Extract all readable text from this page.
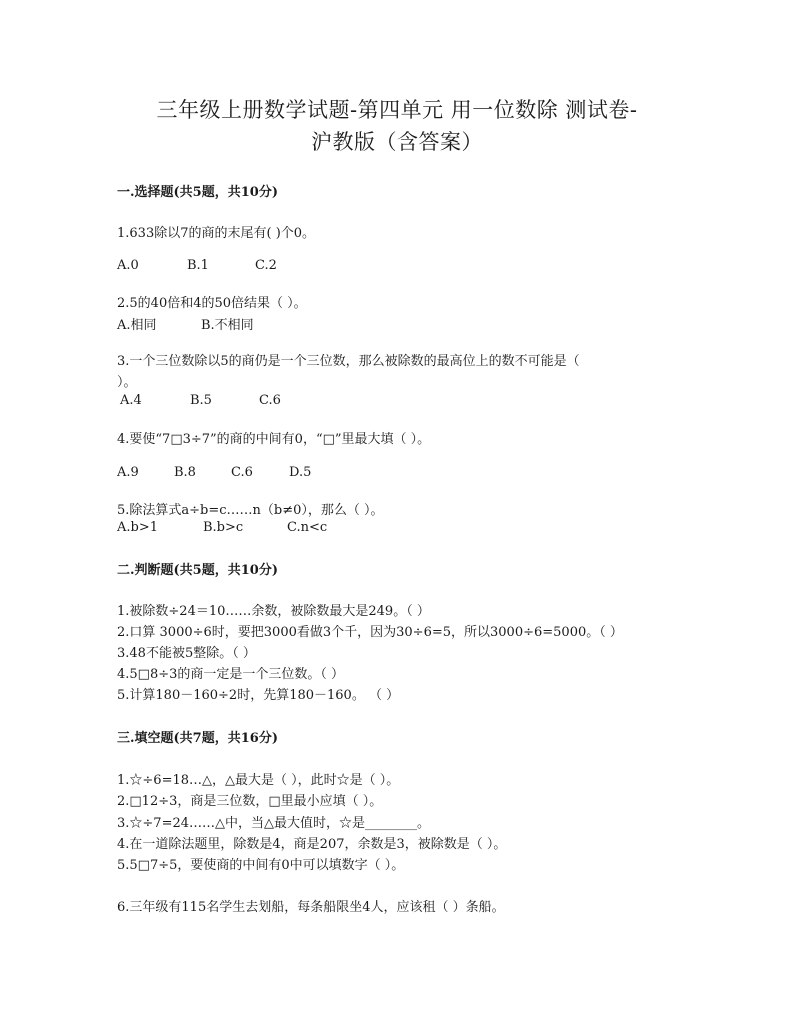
三年级上册数学试题-第四单元 用一位数除 测试卷-
沪教版（含答案）
一.选择题(共5题，共10分)
1.633除以7的商的末尾有( )个0。
A.0	B.1	C.2
2.5的40倍和4的50倍结果（ ）。
A.相同	B.不相同
3.一个三位数除以5的商仍是一个三位数，那么被除数的最高位上的数不可能是（
）。
A.4	B.5	C.6
4.要使“7□3÷7”的商的中间有0，“□”里最大填（ ）。
A.9	B.8	C.6	D.5
5.除法算式a÷b=c……n（b≠0），那么（ ）。
A.b>1	B.b>c	C.n<c
二.判断题(共5题，共10分)
1.被除数÷24＝10……余数，被除数最大是249。（ ）
2.口算 3000÷6时，要把3000看做3个千，因为30÷6=5，所以3000÷6=5000。（ ）
3.48不能被5整除。（ ）
4.5□8÷3的商一定是一个三位数。（ ）
5.计算180－160÷2时，先算180－160。 （ ）
三.填空题(共7题，共16分)
1.☆÷6=18…△，△最大是（ ），此时☆是（ ）。
2.□12÷3，商是三位数，□里最小应填（ ）。
3.☆÷7=24……△中，当△最大值时，☆是________。
4.在一道除法题里，除数是4，商是207，余数是3，被除数是（ ）。
5.5□7÷5，要使商的中间有0中可以填数字（ ）。
6.三年级有115名学生去划船，每条船限坐4人，应该租（ ）条船。
